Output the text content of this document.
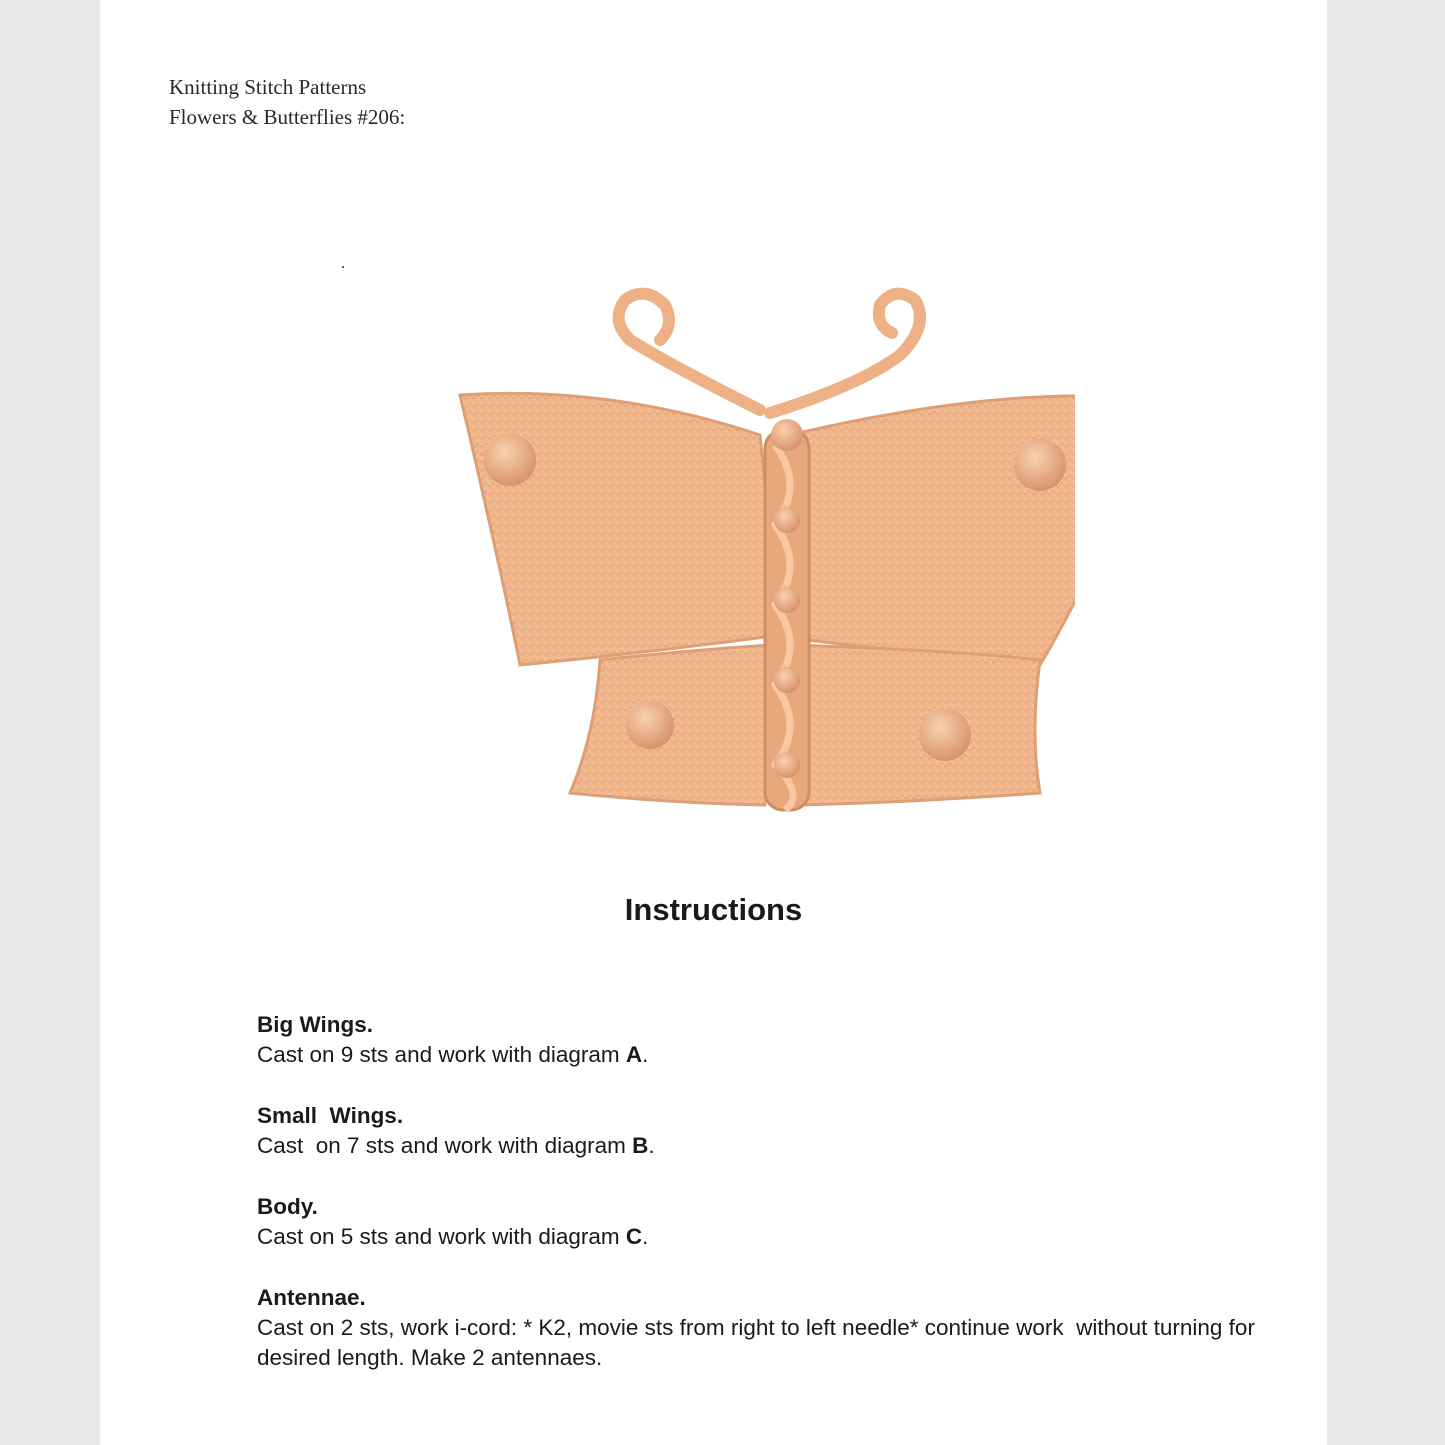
Knitting Stitch Patterns
Flowers & Butterflies #206:
Instructions
Big Wings.
Cast on 9 sts and work with diagram A.
Small  Wings.
Cast  on 7 sts and work with diagram B.
Body.
Cast on 5 sts and work with diagram C.
Antennae.
Cast on 2 sts, work i-cord: * K2, movie sts from right to left needle* continue work  without turning for desired length. Make 2 antennaes.
